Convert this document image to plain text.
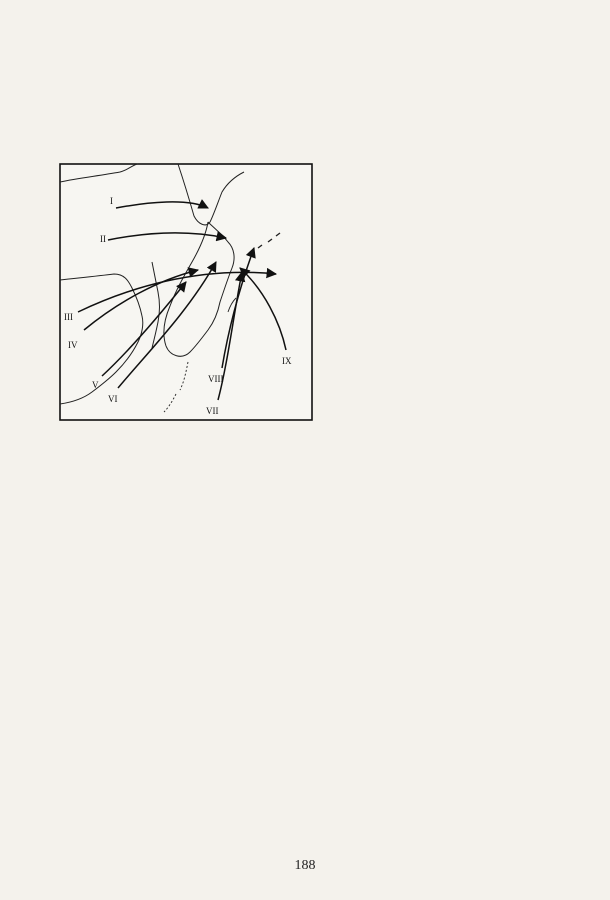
I
II
III
IV
V
VI
VII
VIII
IX

188
